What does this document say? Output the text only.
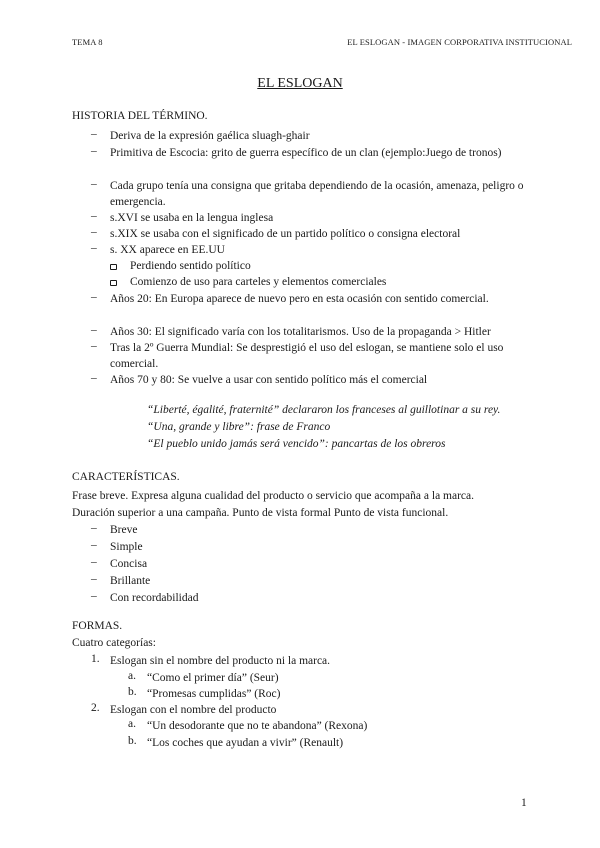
TEMA 8	EL ESLOGAN - IMAGEN CORPORATIVA INSTITUCIONAL
EL ESLOGAN
HISTORIA DEL TÉRMINO.
– Deriva de la expresión gaélica sluagh-ghair
– Primitiva de Escocia: grito de guerra específico de un clan (ejemplo:Juego de tronos)
– Cada grupo tenía una consigna que gritaba dependiendo de la ocasión, amenaza, peligro o emergencia.
– s.XVI se usaba en la lengua inglesa
– s.XIX se usaba con el significado de un partido político o consigna electoral
– s. XX aparece en EE.UU
Perdiendo sentido político
Comienzo de uso para carteles y elementos comerciales
– Años 20: En Europa aparece de nuevo pero en esta ocasión con sentido comercial.
– Años 30: El significado varía con los totalitarismos. Uso de la propaganda > Hitler
– Tras la 2º Guerra Mundial: Se desprestigió el uso del eslogan, se mantiene solo el uso comercial.
– Años 70 y 80: Se vuelve a usar con sentido político más el comercial
“Liberté, égalité, fraternité” declararon los franceses al guillotinar a su rey.
“Una, grande y libre”: frase de Franco
“El pueblo unido jamás será vencido”: pancartas de los obreros
CARACTERÍSTICAS.
Frase breve. Expresa alguna cualidad del producto o servicio que acompaña a la marca.
Duración superior a una campaña. Punto de vista formal Punto de vista funcional.
– Breve
– Simple
– Concisa
– Brillante
– Con recordabilidad
FORMAS.
Cuatro categorías:
1. Eslogan sin el nombre del producto ni la marca.
a. “Como el primer día” (Seur)
b. “Promesas cumplidas” (Roc)
2. Eslogan con el nombre del producto
a. “Un desodorante que no te abandona” (Rexona)
b. “Los coches que ayudan a vivir” (Renault)
1
